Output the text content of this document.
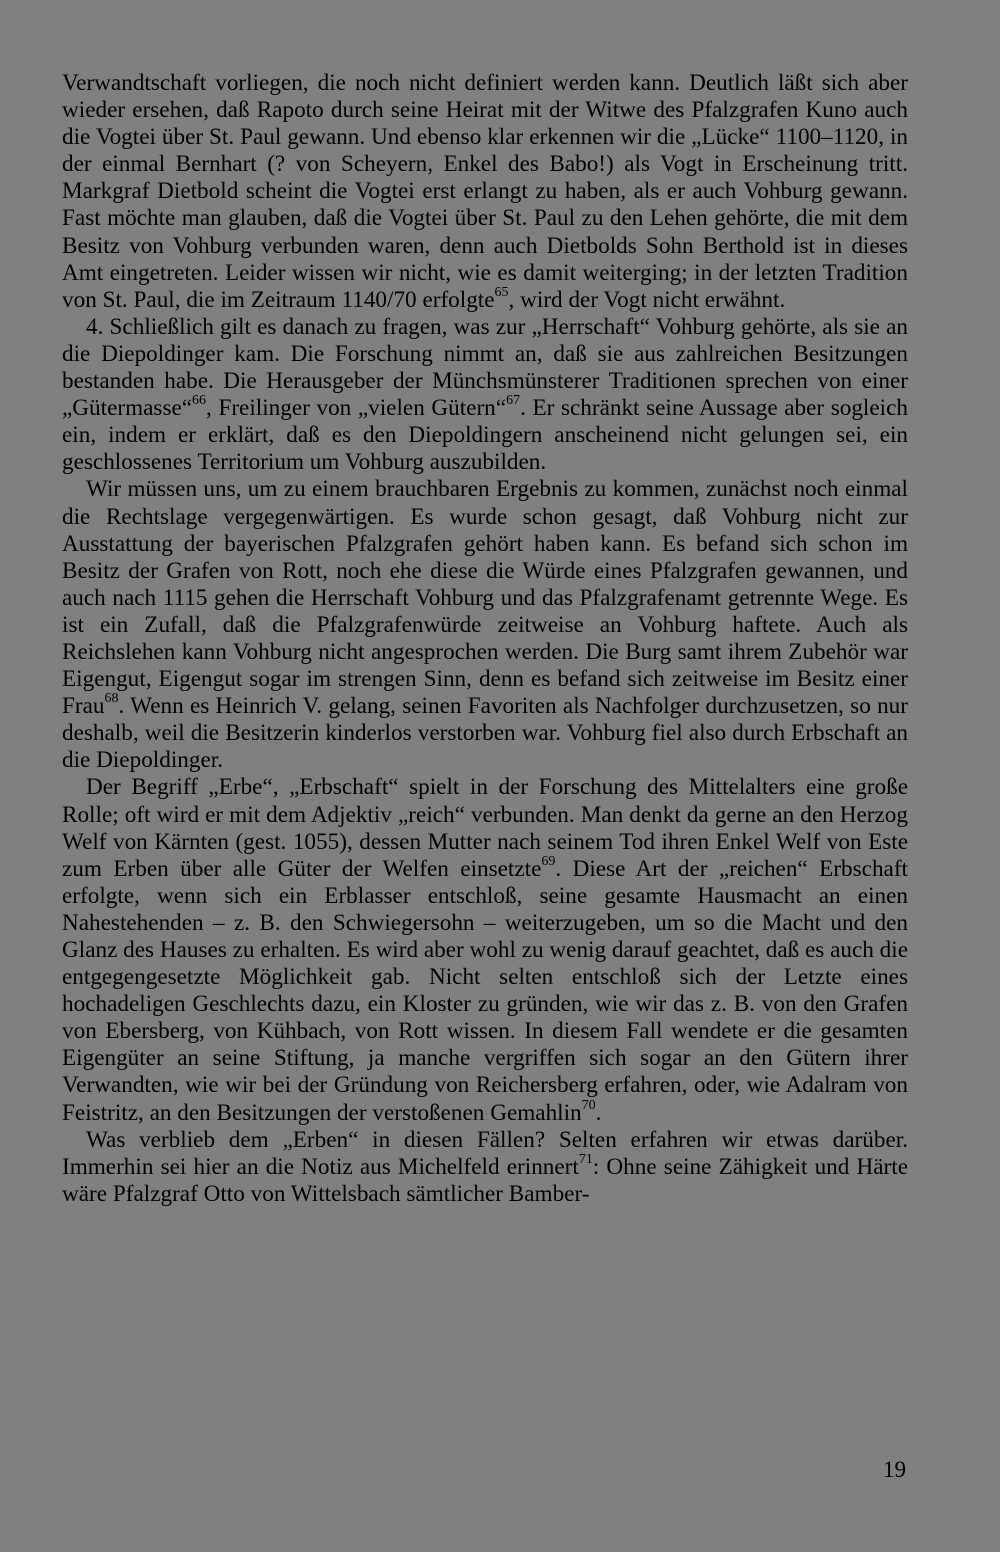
Verwandtschaft vorliegen, die noch nicht definiert werden kann. Deutlich läßt sich aber wieder ersehen, daß Rapoto durch seine Heirat mit der Witwe des Pfalzgrafen Kuno auch die Vogtei über St. Paul gewann. Und ebenso klar erkennen wir die „Lücke“ 1100–1120, in der einmal Bernhart (? von Scheyern, Enkel des Babo!) als Vogt in Erscheinung tritt. Markgraf Dietbold scheint die Vogtei erst erlangt zu haben, als er auch Vohburg gewann. Fast möchte man glauben, daß die Vogtei über St. Paul zu den Lehen gehörte, die mit dem Besitz von Vohburg verbunden waren, denn auch Dietbolds Sohn Berthold ist in dieses Amt eingetreten. Leider wissen wir nicht, wie es damit weiterging; in der letzten Tradition von St. Paul, die im Zeitraum 1140/70 erfolgte$^{65}$, wird der Vogt nicht erwähnt.

4. Schließlich gilt es danach zu fragen, was zur „Herrschaft“ Vohburg gehörte, als sie an die Diepoldinger kam. Die Forschung nimmt an, daß sie aus zahlreichen Besitzungen bestanden habe. Die Herausgeber der Münchsmünsterer Traditionen sprechen von einer „Gütermasse“$^{66}$, Freilinger von „vielen Gütern“$^{67}$. Er schränkt seine Aussage aber sogleich ein, indem er erklärt, daß es den Diepoldingern anscheinend nicht gelungen sei, ein geschlossenes Territorium um Vohburg auszubilden.

Wir müssen uns, um zu einem brauchbaren Ergebnis zu kommen, zunächst noch einmal die Rechtslage vergegenwärtigen. Es wurde schon gesagt, daß Vohburg nicht zur Ausstattung der bayerischen Pfalzgrafen gehört haben kann. Es befand sich schon im Besitz der Grafen von Rott, noch ehe diese die Würde eines Pfalzgrafen gewannen, und auch nach 1115 gehen die Herrschaft Vohburg und das Pfalzgrafenamt getrennte Wege. Es ist ein Zufall, daß die Pfalzgrafenwürde zeitweise an Vohburg haftete. Auch als Reichslehen kann Vohburg nicht angesprochen werden. Die Burg samt ihrem Zubehör war Eigengut, Eigengut sogar im strengen Sinn, denn es befand sich zeitweise im Besitz einer Frau$^{68}$. Wenn es Heinrich V. gelang, seinen Favoriten als Nachfolger durchzusetzen, so nur deshalb, weil die Besitzerin kinderlos verstorben war. Vohburg fiel also durch Erbschaft an die Diepoldinger.

Der Begriff „Erbe“, „Erbschaft“ spielt in der Forschung des Mittelalters eine große Rolle; oft wird er mit dem Adjektiv „reich“ verbunden. Man denkt da gerne an den Herzog Welf von Kärnten (gest. 1055), dessen Mutter nach seinem Tod ihren Enkel Welf von Este zum Erben über alle Güter der Welfen einsetzte$^{69}$. Diese Art der „reichen“ Erbschaft erfolgte, wenn sich ein Erblasser entschloß, seine gesamte Hausmacht an einen Nahestehenden – z. B. den Schwiegersohn – weiterzugeben, um so die Macht und den Glanz des Hauses zu erhalten. Es wird aber wohl zu wenig darauf geachtet, daß es auch die entgegengesetzte Möglichkeit gab. Nicht selten entschloß sich der Letzte eines hochadeligen Geschlechts dazu, ein Kloster zu gründen, wie wir das z. B. von den Grafen von Ebersberg, von Kühbach, von Rott wissen. In diesem Fall wendete er die gesamten Eigengüter an seine Stiftung, ja manche vergriffen sich sogar an den Gütern ihrer Verwandten, wie wir bei der Gründung von Reichersberg erfahren, oder, wie Adalram von Feistritz, an den Besitzungen der verstoßenen Gemahlin$^{70}$.

Was verblieb dem „Erben“ in diesen Fällen? Selten erfahren wir etwas darüber. Immerhin sei hier an die Notiz aus Michelfeld erinnert$^{71}$: Ohne seine Zähigkeit und Härte wäre Pfalzgraf Otto von Wittelsbach sämtlicher Bamber-

19
